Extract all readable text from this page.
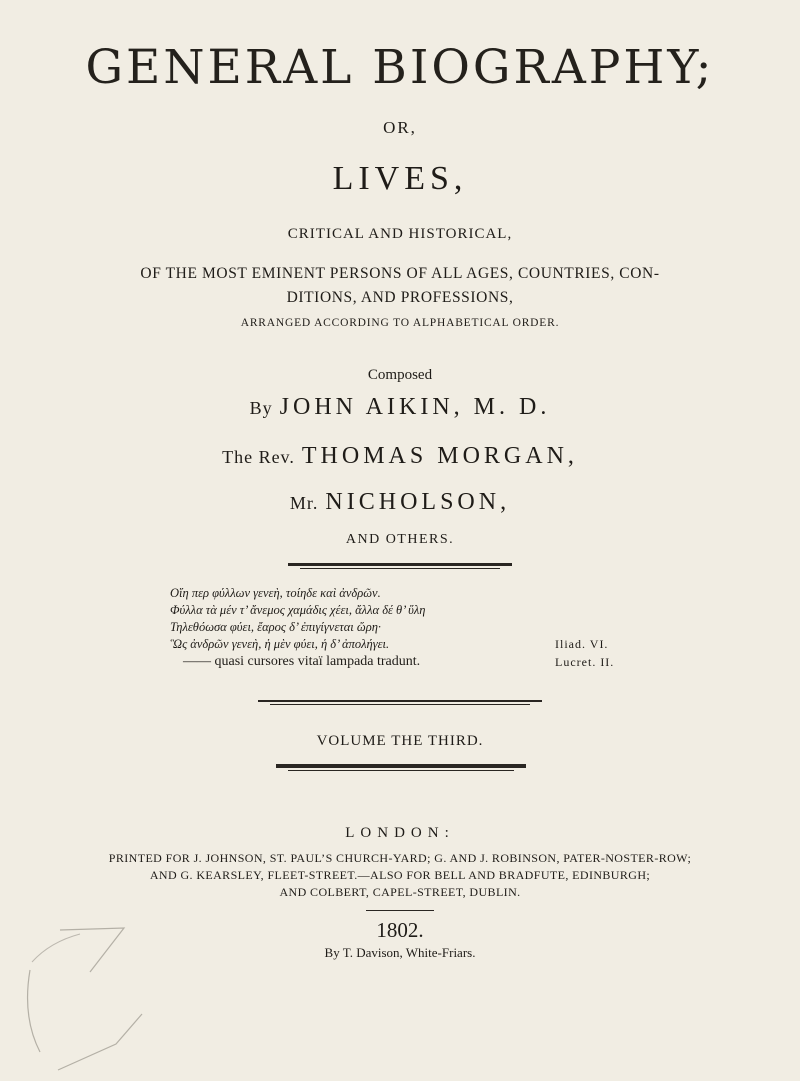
GENERAL BIOGRAPHY;
OR,
LIVES,
CRITICAL AND HISTORICAL,
OF THE MOST EMINENT PERSONS OF ALL AGES, COUNTRIES, CON-
DITIONS, AND PROFESSIONS,
ARRANGED ACCORDING TO ALPHABETICAL ORDER.
Composed
By JOHN AIKIN, M. D.
The Rev. THOMAS MORGAN,
Mr. NICHOLSON,
AND OTHERS.
Οἵη περ φύλλων γενεὴ, τοίηδε καὶ ἀνδρῶν.
Φύλλα τὰ μέν τ’ ἄνεμος χαμάδις χέει, ἄλλα δέ θ’ ὕλη
Τηλεθόωσα φύει, ἔαρος δ’ ἐπιγίγνεται ὥρη·
Ὣς ἀνδρῶν γενεὴ, ἡ μὲν φύει, ἡ δ’ ἀπολήγει.	Iliad. VI.
—— quasi cursores vitaï lampada tradunt.	Lucret. II.
VOLUME THE THIRD.
LONDON:
PRINTED FOR J. JOHNSON, ST. PAUL’S CHURCH-YARD; G. AND J. ROBINSON, PATER-NOSTER-ROW;
AND G. KEARSLEY, FLEET-STREET.—ALSO FOR BELL AND BRADFUTE, EDINBURGH;
AND COLBERT, CAPEL-STREET, DUBLIN.
1802.
By T. Davison, White-Friars.
